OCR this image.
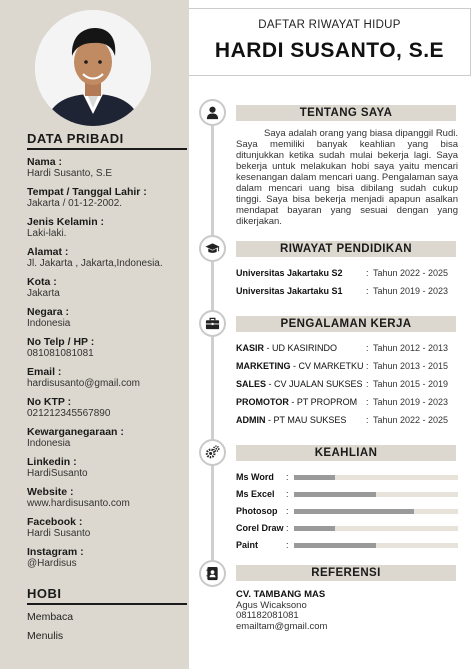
DATA PRIBADI
Nama :
Hardi Susanto, S.E
Tempat / Tanggal Lahir :
Jakarta / 01-12-2002.
Jenis Kelamin :
Laki-laki.
Alamat :
Jl. Jakarta , Jakarta,Indonesia.
Kota :
Jakarta
Negara :
Indonesia
No Telp / HP :
081081081081
Email :
hardisusanto@gmail.com
No KTP :
021212345567890
Kewarganegaraan :
Indonesia
Linkedin :
HardiSusanto
Website :
www.hardisusanto.com
Facebook :
Hardi Susanto
Instagram :
@Hardisus
HOBI
Membaca
Menulis
DAFTAR RIWAYAT HIDUP
HARDI SUSANTO, S.E
TENTANG SAYA
Saya adalah orang yang biasa dipanggil Rudi. Saya memiliki banyak keahlian yang bisa ditunjukkan ketika sudah mulai bekerja lagi. Saya bekerja untuk melakukan hobi saya yaitu mencari kesenangan dalam mencari uang. Pengalaman saya dalam mencari uang bisa dibilang sudah cukup tinggi. Saya bisa bekerja menjadi apapun asalkan mendapat bayaran yang sesuai dengan yang dikerjakan.
RIWAYAT PENDIDIKAN
Universitas Jakartaku S2	: Tahun 2022 - 2025
Universitas Jakartaku S1	: Tahun 2019 - 2023
PENGALAMAN KERJA
KASIR - UD KASIRINDO	: Tahun 2012 - 2013
MARKETING - CV MARKETKU : Tahun 2013 - 2015
SALES - CV JUALAN SUKSES : Tahun 2015 - 2019
PROMOTOR - PT PROPROM : Tahun 2019 - 2023
ADMIN - PT MAU SUKSES : Tahun 2022 - 2025
KEAHLIAN
Ms Word :
Ms Excel :
Photosop :
Corel Draw :
Paint	:
REFERENSI
CV. TAMBANG MAS
Agus Wicaksono
081182081081
emailtam@gmail.com
